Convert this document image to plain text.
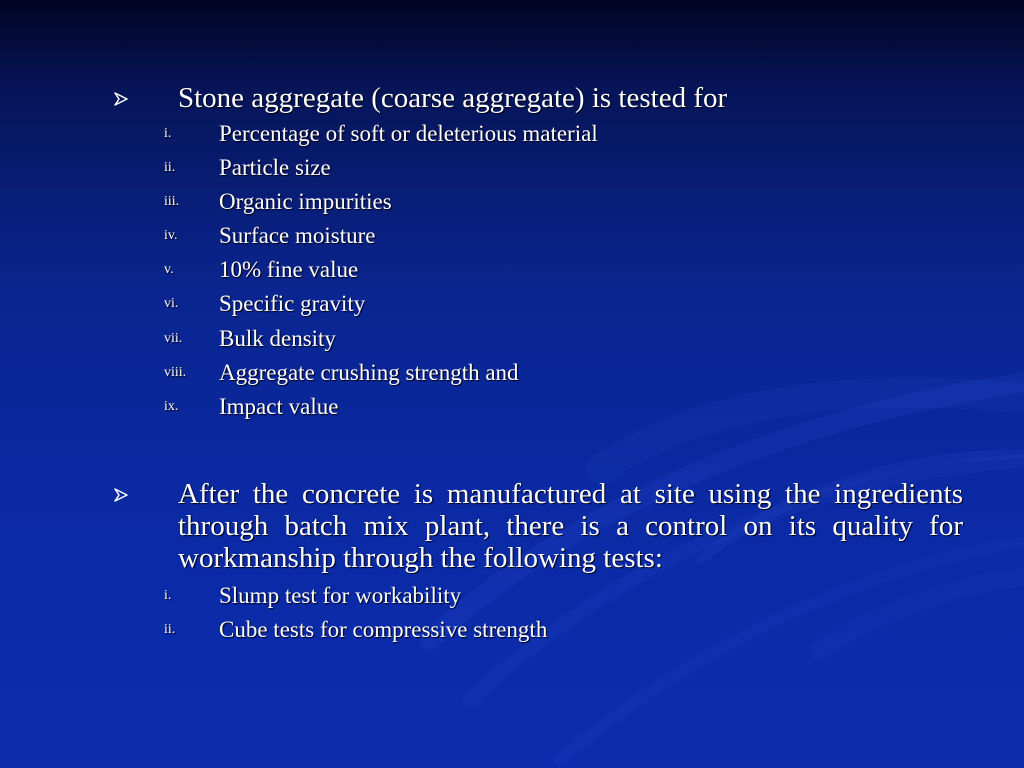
Stone aggregate (coarse aggregate) is tested for
i. Percentage of soft or deleterious material
ii. Particle size
iii. Organic impurities
iv. Surface moisture
v. 10% fine value
vi. Specific gravity
vii. Bulk density
viii. Aggregate crushing strength and
ix. Impact value
After the concrete is manufactured at site using the ingredients through batch mix plant, there is a control on its quality for workmanship through the following tests:
i. Slump test for workability
ii. Cube tests for compressive strength
